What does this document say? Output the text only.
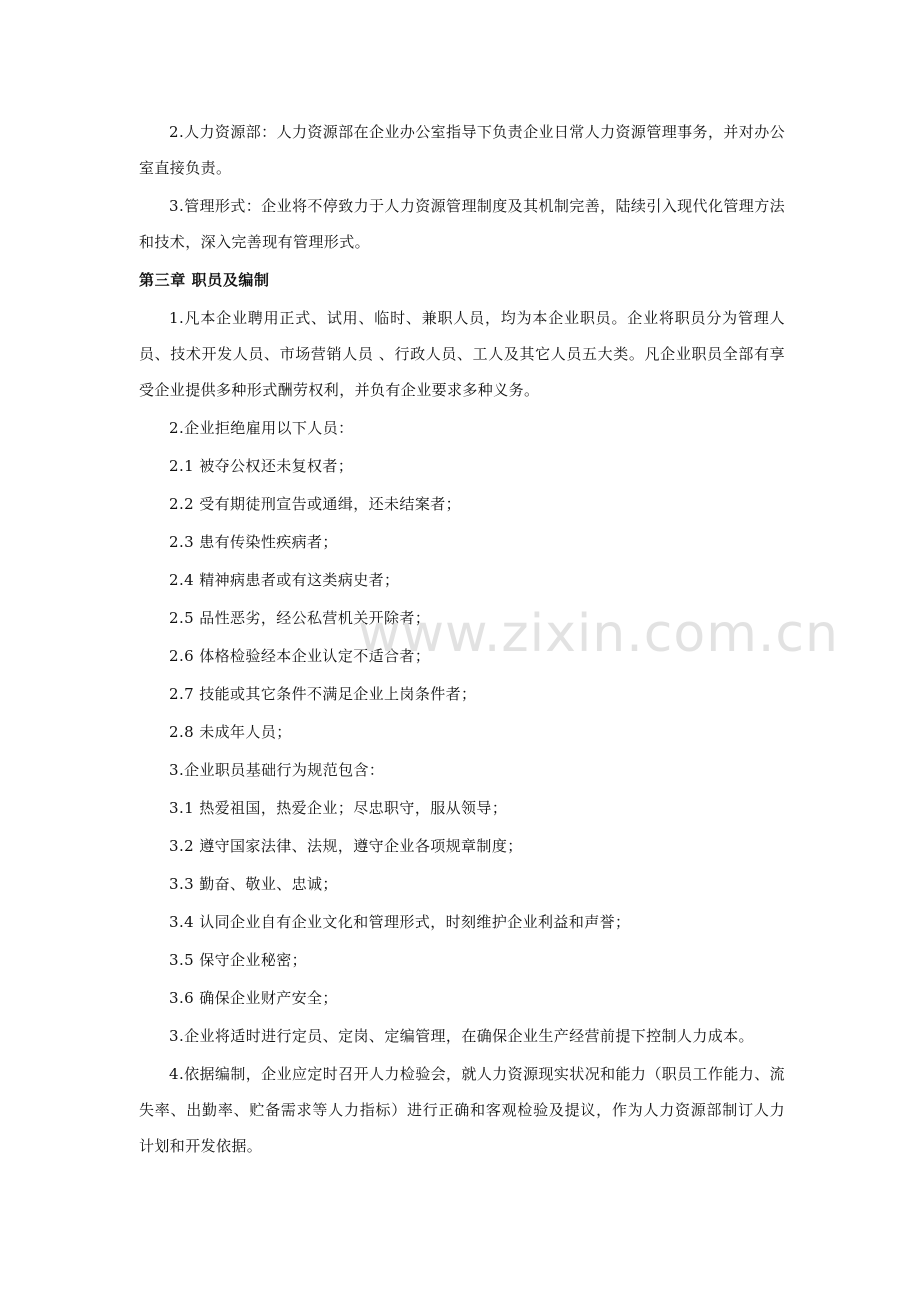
2.人力资源部：人力资源部在企业办公室指导下负责企业日常人力资源管理事务，并对办公室直接负责。

3.管理形式：企业将不停致力于人力资源管理制度及其机制完善，陆续引入现代化管理方法和技术，深入完善现有管理形式。

第三章 职员及编制

1.凡本企业聘用正式、试用、临时、兼职人员，均为本企业职员。企业将职员分为管理人员、技术开发人员、市场营销人员 、行政人员、工人及其它人员五大类。凡企业职员全部有享受企业提供多种形式酬劳权利，并负有企业要求多种义务。

2.企业拒绝雇用以下人员：
2.1 被夺公权还未复权者；
2.2 受有期徒刑宣告或通缉，还未结案者；
2.3 患有传染性疾病者；
2.4 精神病患者或有这类病史者；
2.5 品性恶劣，经公私营机关开除者；
2.6 体格检验经本企业认定不适合者；
2.7 技能或其它条件不满足企业上岗条件者；
2.8 未成年人员；
3.企业职员基础行为规范包含：
3.1 热爱祖国，热爱企业；尽忠职守，服从领导；
3.2 遵守国家法律、法规，遵守企业各项规章制度；
3.3 勤奋、敬业、忠诚；
3.4 认同企业自有企业文化和管理形式，时刻维护企业利益和声誉；
3.5 保守企业秘密；
3.6 确保企业财产安全；
3.企业将适时进行定员、定岗、定编管理，在确保企业生产经营前提下控制人力成本。

4.依据编制，企业应定时召开人力检验会，就人力资源现实状况和能力（职员工作能力、流失率、出勤率、贮备需求等人力指标）进行正确和客观检验及提议，作为人力资源部制订人力计划和开发依据。

www.zixin.com.cn
